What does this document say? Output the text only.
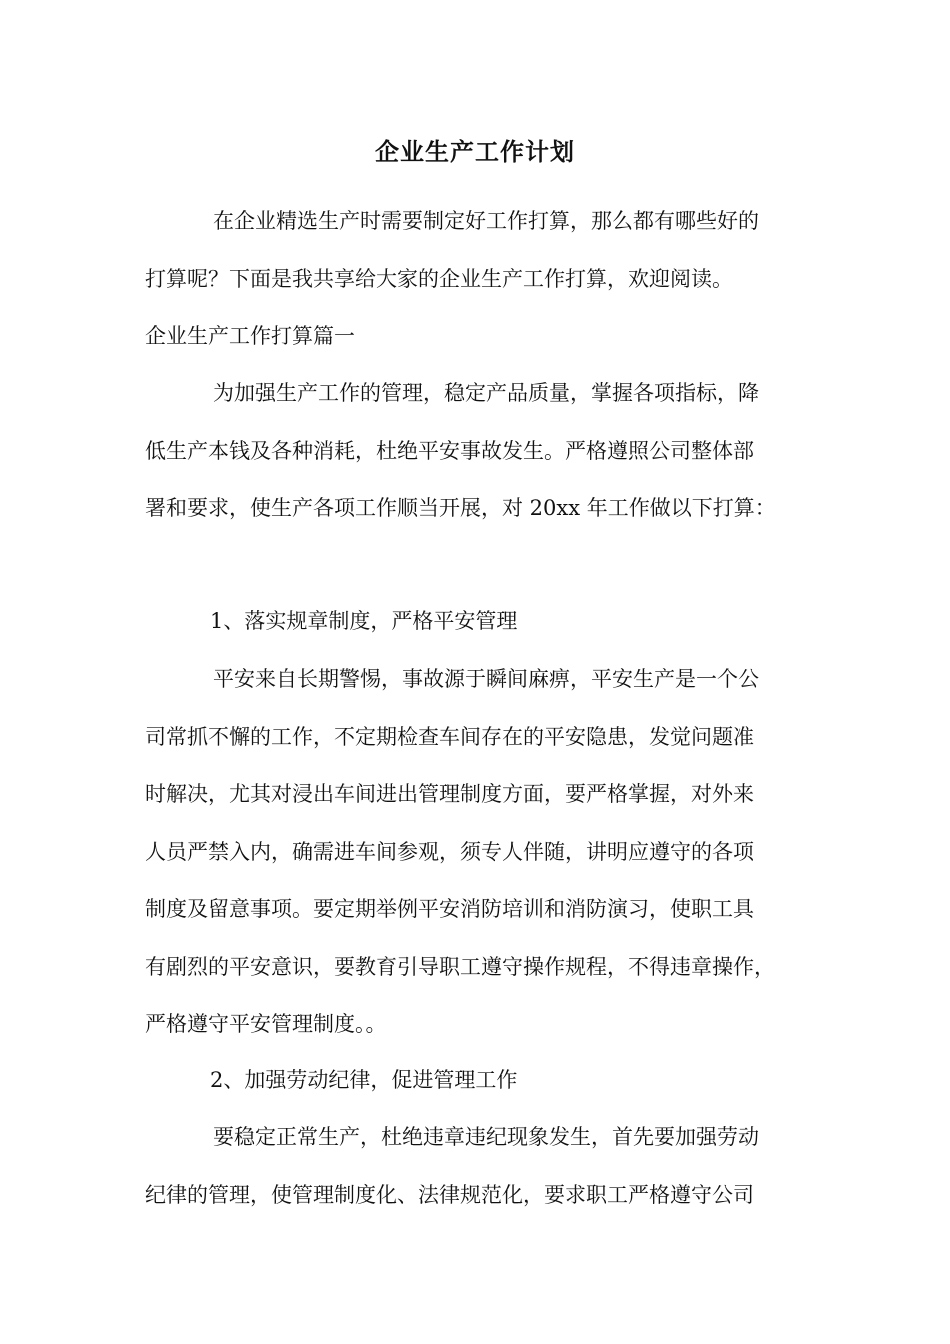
企业生产工作计划
在企业精选生产时需要制定好工作打算，那么都有哪些好的
打算呢？下面是我共享给大家的企业生产工作打算，欢迎阅读。
企业生产工作打算篇一
为加强生产工作的管理，稳定产品质量，掌握各项指标，降
低生产本钱及各种消耗，杜绝平安事故发生。严格遵照公司整体部
署和要求，使生产各项工作顺当开展，对 20xx 年工作做以下打算：
1、落实规章制度，严格平安管理
平安来自长期警惕，事故源于瞬间麻痹，平安生产是一个公
司常抓不懈的工作，不定期检查车间存在的平安隐患，发觉问题准
时解决，尤其对浸出车间进出管理制度方面，要严格掌握，对外来
人员严禁入内，确需进车间参观，须专人伴随，讲明应遵守的各项
制度及留意事项。要定期举例平安消防培训和消防演习，使职工具
有剧烈的平安意识，要教育引导职工遵守操作规程，不得违章操作，
严格遵守平安管理制度。。
2、加强劳动纪律，促进管理工作
要稳定正常生产，杜绝违章违纪现象发生，首先要加强劳动
纪律的管理，使管理制度化、法律规范化，要求职工严格遵守公司
